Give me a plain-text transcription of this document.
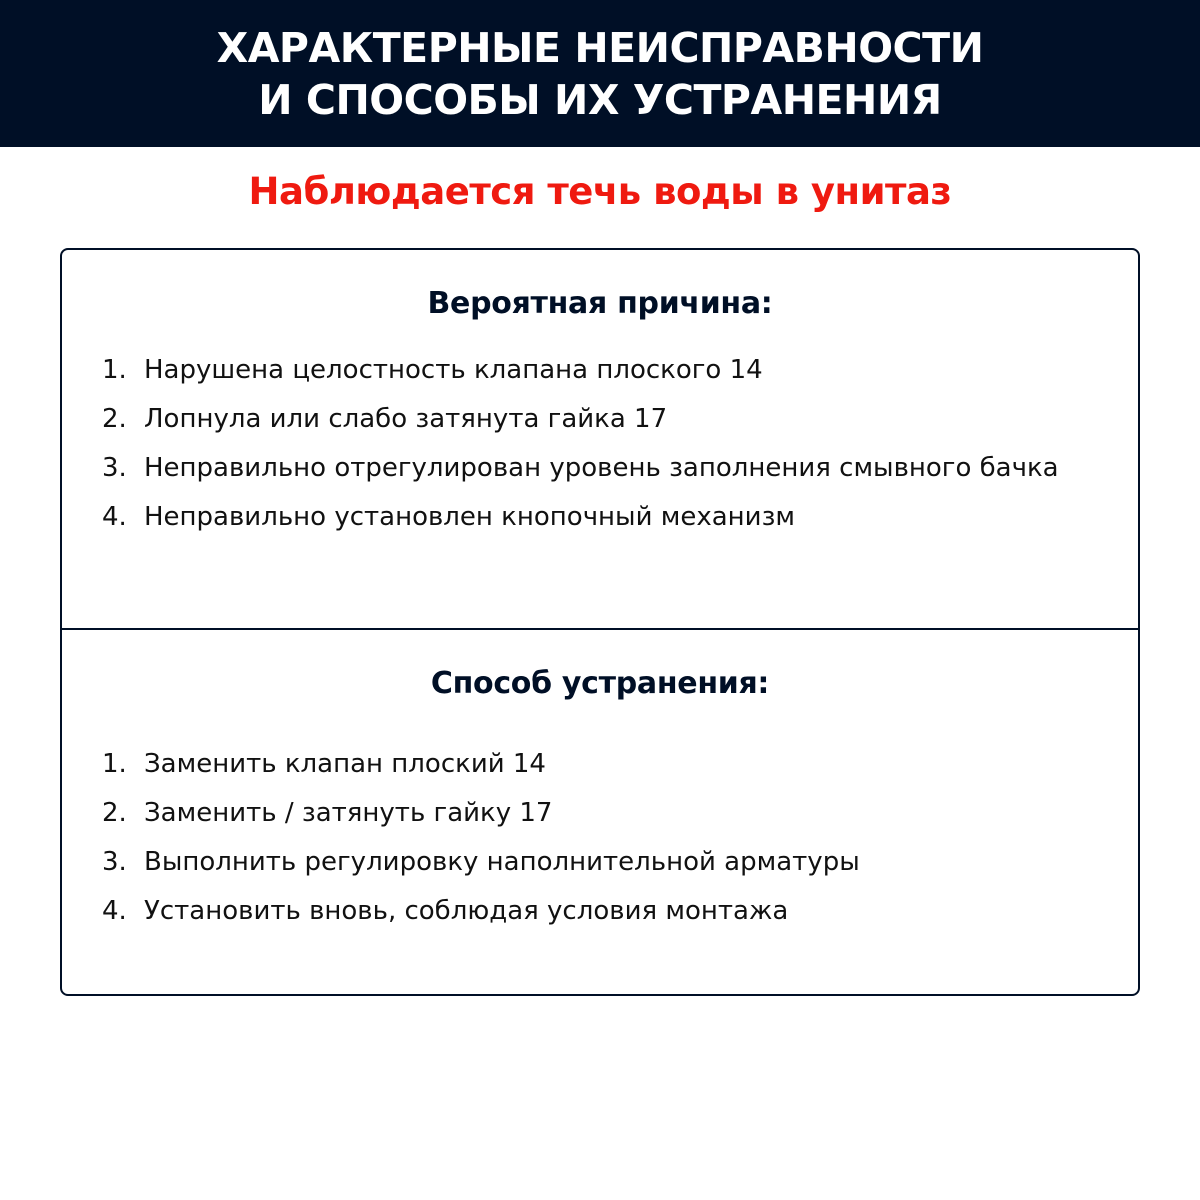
ХАРАКТЕРНЫЕ НЕИСПРАВНОСТИ
И СПОСОБЫ ИХ УСТРАНЕНИЯ
Наблюдается течь воды в унитаз
Вероятная причина:
1. Нарушена целостность клапана плоского 14
2. Лопнула или слабо затянута гайка 17
3. Неправильно отрегулирован уровень заполнения смывного бачка
4. Неправильно установлен кнопочный механизм
Способ устранения:
1. Заменить клапан плоский 14
2. Заменить / затянуть гайку 17
3. Выполнить регулировку наполнительной арматуры
4. Установить вновь, соблюдая условия монтажа
